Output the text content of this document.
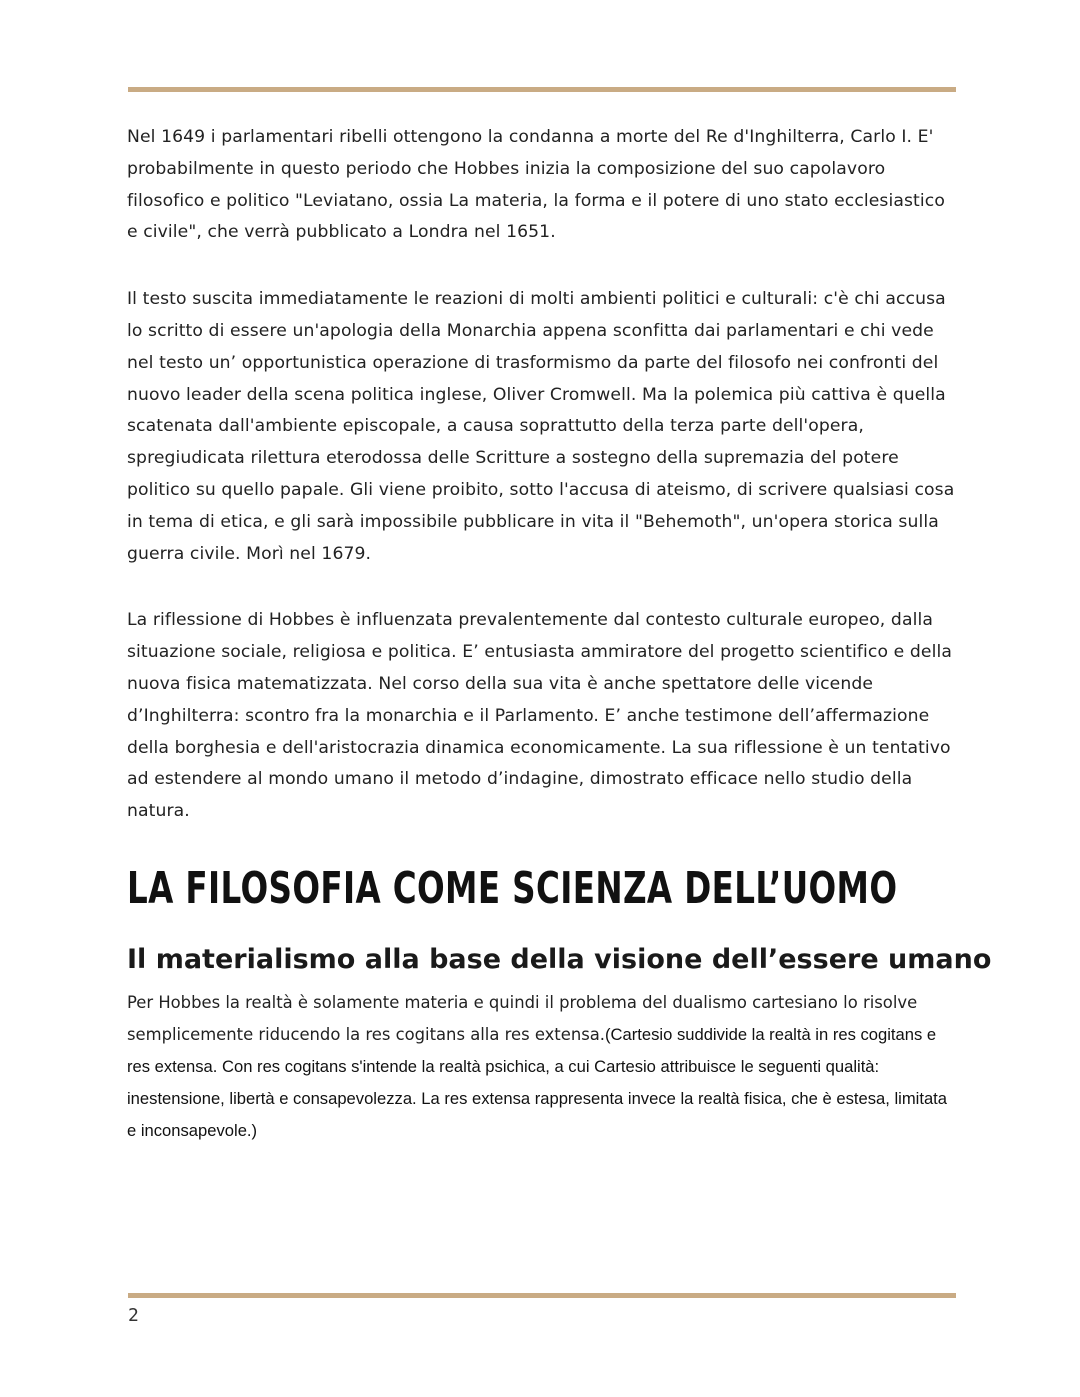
Nel 1649 i parlamentari ribelli ottengono la condanna a morte del Re d'Inghilterra, Carlo I. E' probabilmente in questo periodo che Hobbes inizia la composizione del suo capolavoro filosofico e politico "Leviatano, ossia La materia, la forma e il potere di uno stato ecclesiastico e civile", che verrà pubblicato a Londra nel 1651.

Il testo suscita immediatamente le reazioni di molti ambienti politici e culturali: c'è chi accusa lo scritto di essere un'apologia della Monarchia appena sconfitta dai parlamentari e chi vede nel testo un’ opportunistica operazione di trasformismo da parte del filosofo nei confronti del nuovo leader della scena politica inglese, Oliver Cromwell. Ma la polemica più cattiva è quella scatenata dall'ambiente episcopale, a causa soprattutto della terza parte dell'opera, spregiudicata rilettura eterodossa delle Scritture a sostegno della supremazia del potere politico su quello papale. Gli viene proibito, sotto l'accusa di ateismo, di scrivere qualsiasi cosa in tema di etica, e gli sarà impossibile pubblicare in vita il "Behemoth", un'opera storica sulla guerra civile. Morì nel 1679.

La riflessione di Hobbes è influenzata prevalentemente dal contesto culturale europeo, dalla situazione sociale, religiosa e politica. E’ entusiasta ammiratore del progetto scientifico e della nuova fisica matematizzata. Nel corso della sua vita è anche spettatore delle vicende d’Inghilterra: scontro fra la monarchia e il Parlamento. E’ anche testimone dell’affermazione della borghesia e dell'aristocrazia dinamica economicamente. La sua riflessione è un tentativo ad estendere al mondo umano il metodo d’indagine, dimostrato efficace nello studio della natura.

LA FILOSOFIA COME SCIENZA DELL’UOMO
Il materialismo alla base della visione dell’essere umano

Per Hobbes la realtà è solamente materia e quindi il problema del dualismo cartesiano lo risolve semplicemente riducendo la res cogitans alla res extensa.(Cartesio suddivide la realtà in res cogitans e res extensa. Con res cogitans s'intende la realtà psichica, a cui Cartesio attribuisce le seguenti qualità: inestensione, libertà e consapevolezza. La res extensa rappresenta invece la realtà fisica, che è estesa, limitata e inconsapevole.)

2
